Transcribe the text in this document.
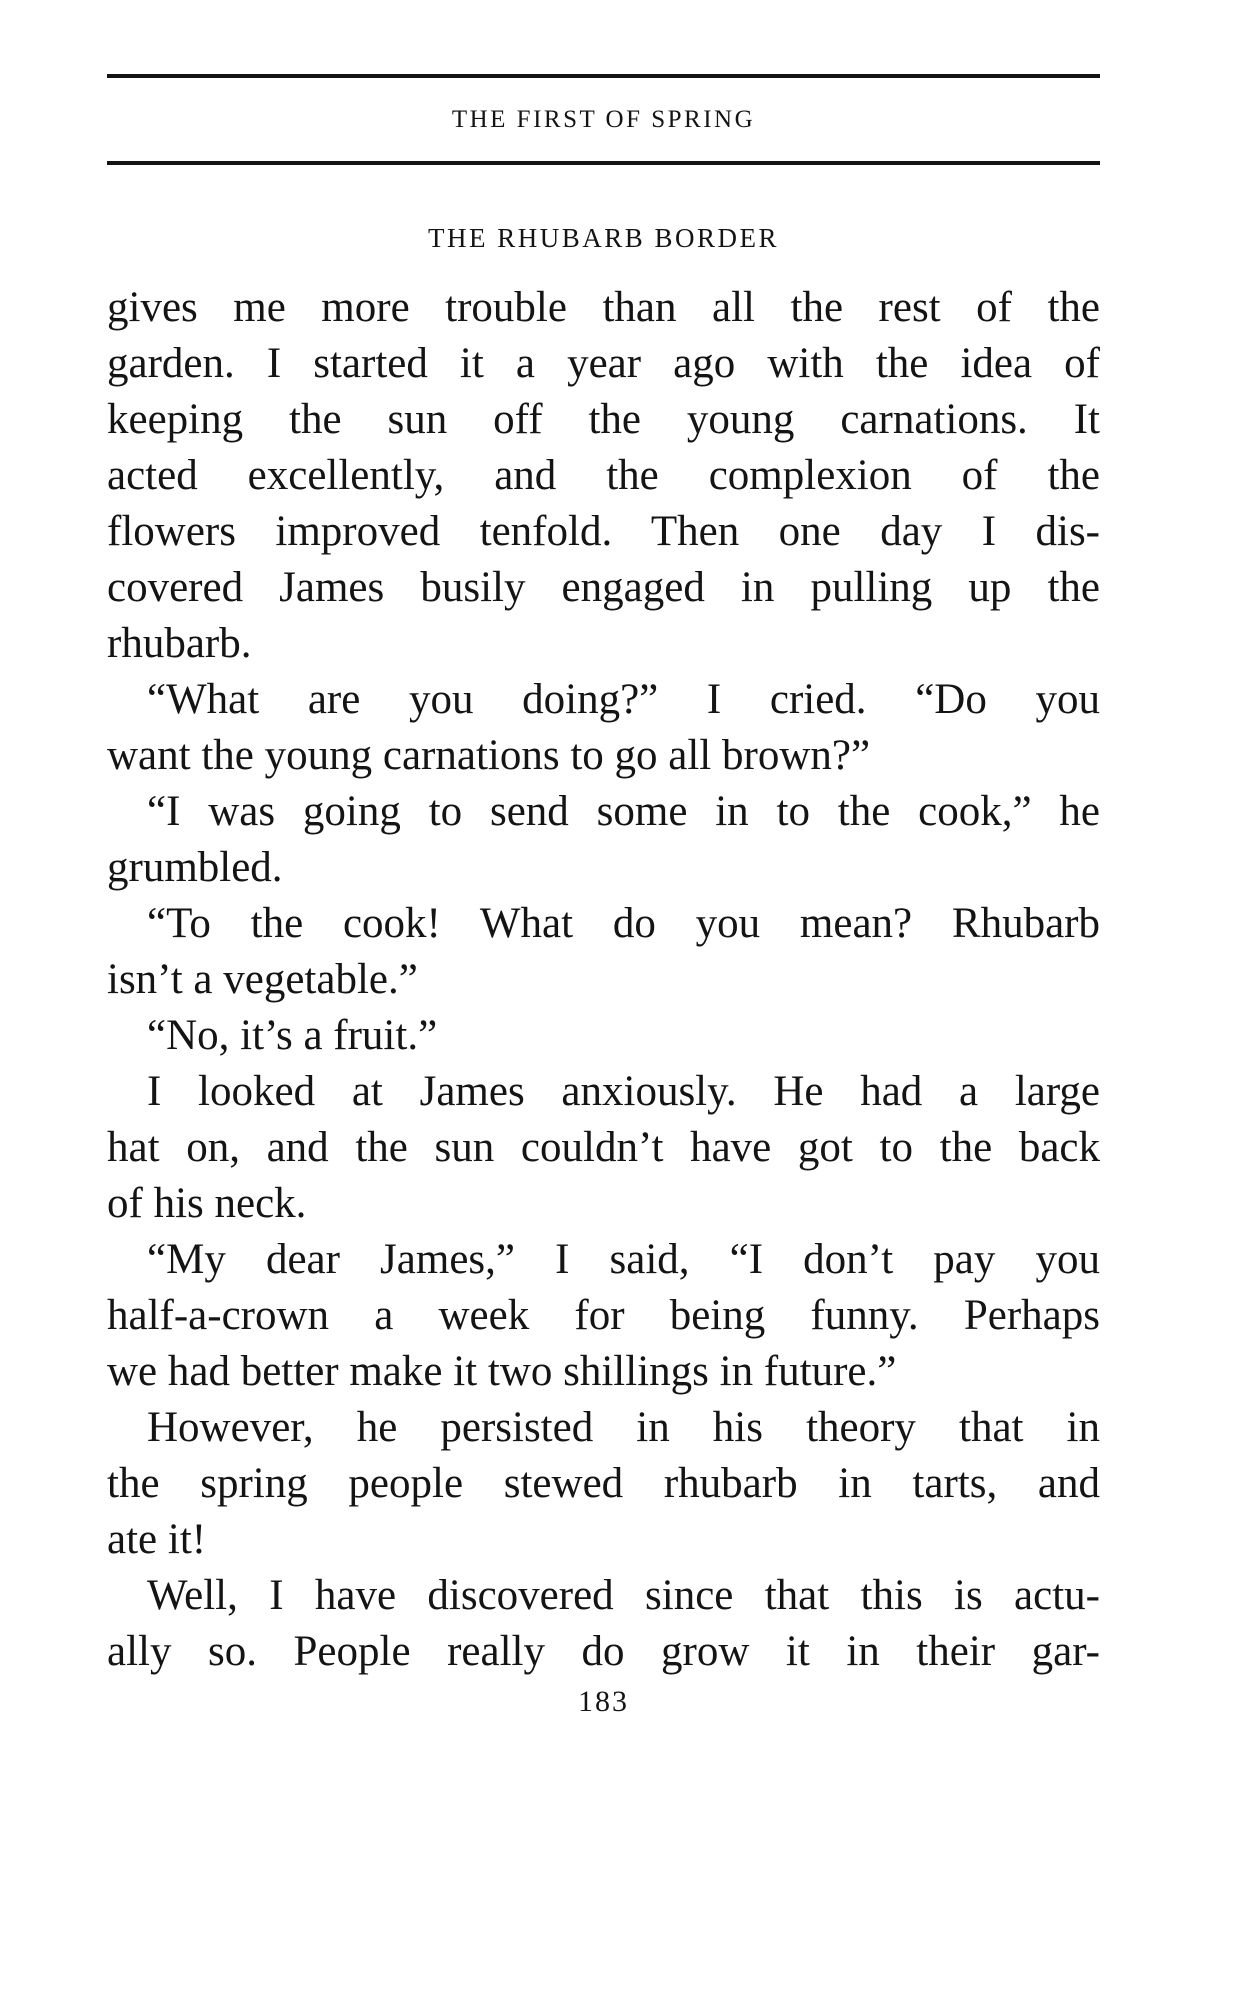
THE FIRST OF SPRING
THE RHUBARB BORDER
gives me more trouble than all the rest of the
garden. I started it a year ago with the idea of
keeping the sun off the young carnations. It
acted excellently, and the complexion of the
flowers improved tenfold. Then one day I dis-
covered James busily engaged in pulling up the
rhubarb.
“What are you doing?” I cried. “Do you
want the young carnations to go all brown?”
“I was going to send some in to the cook,” he
grumbled.
“To the cook! What do you mean? Rhubarb
isn’t a vegetable.”
“No, it’s a fruit.”
I looked at James anxiously. He had a large
hat on, and the sun couldn’t have got to the back
of his neck.
“My dear James,” I said, “I don’t pay you
half-a-crown a week for being funny. Perhaps
we had better make it two shillings in future.”
However, he persisted in his theory that in
the spring people stewed rhubarb in tarts, and
ate it!
Well, I have discovered since that this is actu-
ally so. People really do grow it in their gar-
183
